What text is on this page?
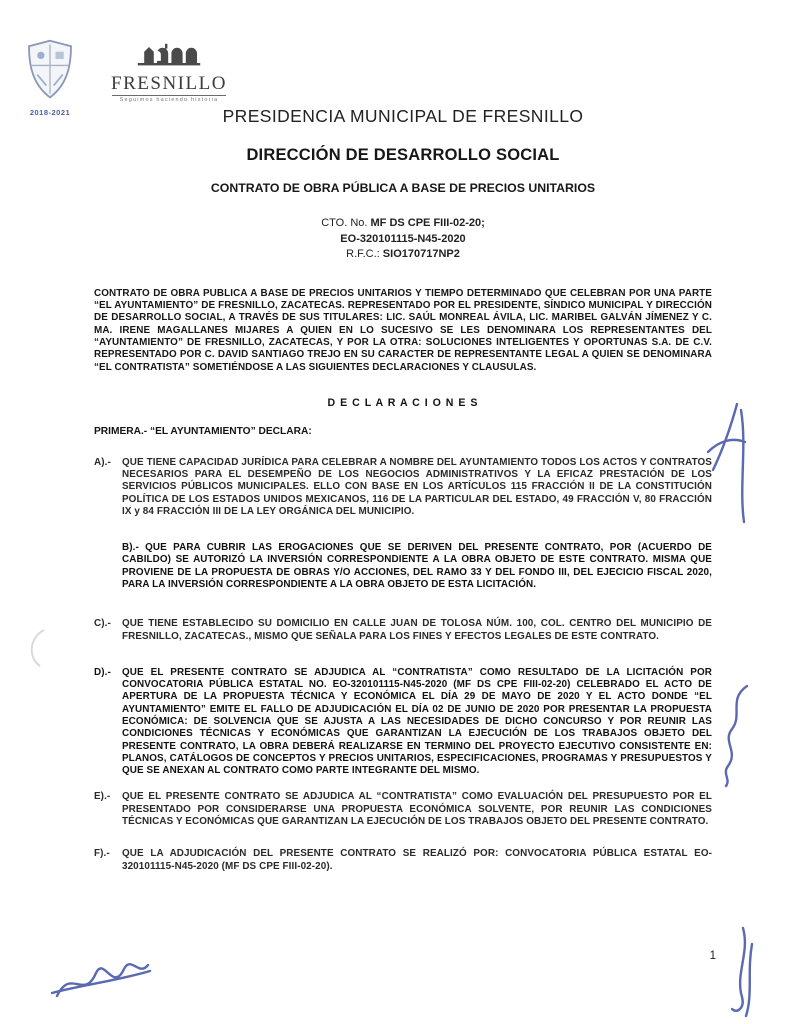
2018-2021
FRESNILLO
Seguimos haciendo historia
PRESIDENCIA MUNICIPAL DE FRESNILLO
DIRECCIÓN DE DESARROLLO SOCIAL
CONTRATO DE OBRA PÚBLICA A BASE DE PRECIOS UNITARIOS
CTO. No. MF DS CPE FIII-02-20;
EO-320101115-N45-2020
R.F.C.: SIO170717NP2

CONTRATO DE OBRA PUBLICA A BASE DE PRECIOS UNITARIOS Y TIEMPO DETERMINADO QUE CELEBRAN POR UNA PARTE “EL AYUNTAMIENTO” DE FRESNILLO, ZACATECAS. REPRESENTADO POR EL PRESIDENTE, SÍNDICO MUNICIPAL Y DIRECCIÓN DE DESARROLLO SOCIAL, A TRAVÉS DE SUS TITULARES: LIC. SAÚL MONREAL ÁVILA, LIC. MARIBEL GALVÁN JÍMENEZ Y C. MA. IRENE MAGALLANES MIJARES A QUIEN EN LO SUCESIVO SE LES DENOMINARA LOS REPRESENTANTES DEL “AYUNTAMIENTO” DE FRESNILLO, ZACATECAS, Y POR LA OTRA: SOLUCIONES INTELIGENTES Y OPORTUNAS S.A. DE C.V. REPRESENTADO POR C. DAVID SANTIAGO TREJO EN SU CARACTER DE REPRESENTANTE LEGAL A QUIEN SE DENOMINARA “EL CONTRATISTA” SOMETIÉNDOSE A LAS SIGUIENTES DECLARACIONES Y CLAUSULAS.

D E C L A R A C I O N E S
PRIMERA.- “EL AYUNTAMIENTO” DECLARA:
A).-	QUE TIENE CAPACIDAD JURÍDICA PARA CELEBRAR A NOMBRE DEL AYUNTAMIENTO TODOS LOS ACTOS Y CONTRATOS NECESARIOS PARA EL DESEMPEÑO DE LOS NEGOCIOS ADMINISTRATIVOS Y LA EFICAZ PRESTACIÓN DE LOS SERVICIOS PÚBLICOS MUNICIPALES. ELLO CON BASE EN LOS ARTÍCULOS 115 FRACCIÓN II DE LA CONSTITUCIÓN POLÍTICA DE LOS ESTADOS UNIDOS MEXICANOS, 116 DE LA PARTICULAR DEL ESTADO, 49 FRACCIÓN V, 80 FRACCIÓN IX y 84 FRACCIÓN III DE LA LEY ORGÁNICA DEL MUNICIPIO.
B).- QUE PARA CUBRIR LAS EROGACIONES QUE SE DERIVEN DEL PRESENTE CONTRATO, POR (ACUERDO DE CABILDO) SE AUTORIZÓ LA INVERSIÓN CORRESPONDIENTE A LA OBRA OBJETO DE ESTE CONTRATO. MISMA QUE PROVIENE DE LA PROPUESTA DE OBRAS Y/O ACCIONES, DEL RAMO 33 Y DEL FONDO III, DEL EJECICIO FISCAL 2020, PARA LA INVERSIÓN CORRESPONDIENTE A LA OBRA OBJETO DE ESTA LICITACIÓN.
C).-	QUE TIENE ESTABLECIDO SU DOMICILIO EN CALLE JUAN DE TOLOSA NÚM. 100, COL. CENTRO DEL MUNICIPIO DE FRESNILLO, ZACATECAS., MISMO QUE SEÑALA PARA LOS FINES Y EFECTOS LEGALES DE ESTE CONTRATO.
D).-	QUE EL PRESENTE CONTRATO SE ADJUDICA AL “CONTRATISTA” COMO RESULTADO DE LA LICITACIÓN POR CONVOCATORIA PÚBLICA ESTATAL NO. EO-320101115-N45-2020 (MF DS CPE FIII-02-20) CELEBRADO EL ACTO DE APERTURA DE LA PROPUESTA TÉCNICA Y ECONÓMICA EL DÍA 29 DE MAYO DE 2020 Y EL ACTO DONDE “EL AYUNTAMIENTO” EMITE EL FALLO DE ADJUDICACIÓN EL DÍA 02 DE JUNIO DE 2020 POR PRESENTAR LA PROPUESTA ECONÓMICA: DE SOLVENCIA QUE SE AJUSTA A LAS NECESIDADES DE DICHO CONCURSO Y POR REUNIR LAS CONDICIONES TÉCNICAS Y ECONÓMICAS QUE GARANTIZAN LA EJECUCIÓN DE LOS TRABAJOS OBJETO DEL PRESENTE CONTRATO, LA OBRA DEBERÁ REALIZARSE EN TERMINO DEL PROYECTO EJECUTIVO CONSISTENTE EN: PLANOS, CATÁLOGOS DE CONCEPTOS Y PRECIOS UNITARIOS, ESPECIFICACIONES, PROGRAMAS Y PRESUPUESTOS Y QUE SE ANEXAN AL CONTRATO COMO PARTE INTEGRANTE DEL MISMO.
E).-	QUE EL PRESENTE CONTRATO SE ADJUDICA AL “CONTRATISTA” COMO EVALUACIÓN DEL PRESUPUESTO POR EL PRESENTADO POR CONSIDERARSE UNA PROPUESTA ECONÓMICA SOLVENTE, POR REUNIR LAS CONDICIONES TÉCNICAS Y ECONÓMICAS QUE GARANTIZAN LA EJECUCIÓN DE LOS TRABAJOS OBJETO DEL PRESENTE CONTRATO.
F).-	QUE LA ADJUDICACIÓN DEL PRESENTE CONTRATO SE REALIZÓ POR: CONVOCATORIA PÚBLICA ESTATAL EO-320101115-N45-2020 (MF DS CPE FIII-02-20).
1
